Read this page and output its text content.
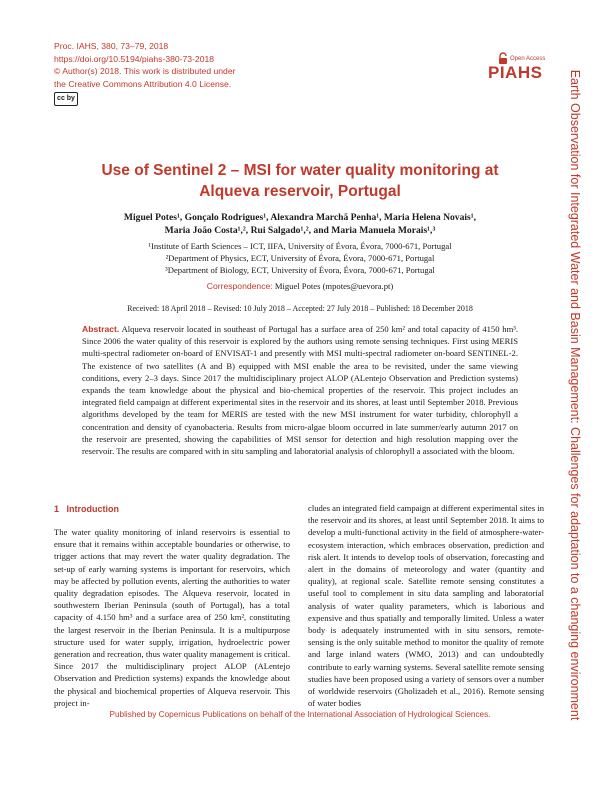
Proc. IAHS, 380, 73–79, 2018
https://doi.org/10.5194/piahs-380-73-2018
© Author(s) 2018. This work is distributed under
the Creative Commons Attribution 4.0 License.
cc by
Open Access
PIAHS
Use of Sentinel 2 – MSI for water quality monitoring at
Alqueva reservoir, Portugal
Miguel Potes¹, Gonçalo Rodrigues¹, Alexandra Marchã Penha¹, Maria Helena Novais¹,
Maria João Costa¹,², Rui Salgado¹,², and Maria Manuela Morais¹,³
¹Institute of Earth Sciences – ICT, IIFA, University of Évora, Évora, 7000-671, Portugal
²Department of Physics, ECT, University of Évora, Évora, 7000-671, Portugal
³Department of Biology, ECT, University of Évora, Évora, 7000-671, Portugal
Correspondence: Miguel Potes (mpotes@uevora.pt)
Received: 18 April 2018 – Revised: 10 July 2018 – Accepted: 27 July 2018 – Published: 18 December 2018
Abstract. Alqueva reservoir located in southeast of Portugal has a surface area of 250 km² and total capacity of 4150 hm³. Since 2006 the water quality of this reservoir is explored by the authors using remote sensing techniques. First using MERIS multi-spectral radiometer on-board of ENVISAT-1 and presently with MSI multi-spectral radiometer on-board SENTINEL-2. The existence of two satellites (A and B) equipped with MSI enable the area to be revisited, under the same viewing conditions, every 2–3 days. Since 2017 the multidisciplinary project ALOP (ALentejo Observation and Prediction systems) expands the team knowledge about the physical and bio-chemical properties of the reservoir. This project includes an integrated field campaign at different experimental sites in the reservoir and its shores, at least until September 2018. Previous algorithms developed by the team for MERIS are tested with the new MSI instrument for water turbidity, chlorophyll a concentration and density of cyanobacteria. Results from micro-algae bloom occurred in late summer/early autumn 2017 on the reservoir are presented, showing the capabilities of MSI sensor for detection and high resolution mapping over the reservoir. The results are compared with in situ sampling and laboratorial analysis of chlorophyll a associated with the bloom.
1 Introduction
The water quality monitoring of inland reservoirs is essential to ensure that it remains within acceptable boundaries or otherwise, to trigger actions that may revert the water quality degradation. The set-up of early warning systems is important for reservoirs, which may be affected by pollution events, alerting the authorities to water quality degradation episodes. The Alqueva reservoir, located in southwestern Iberian Peninsula (south of Portugal), has a total capacity of 4.150 hm³ and a surface area of 250 km², constituting the largest reservoir in the Iberian Peninsula. It is a multipurpose structure used for water supply, irrigation, hydroelectric power generation and recreation, thus water quality management is critical. Since 2017 the multidisciplinary project ALOP (ALentejo Observation and Prediction systems) expands the knowledge about the physical and biochemical properties of Alqueva reservoir. This project in-
cludes an integrated field campaign at different experimental sites in the reservoir and its shores, at least until September 2018. It aims to develop a multi-functional activity in the field of atmosphere-water-ecosystem interaction, which embraces observation, prediction and risk alert. It intends to develop tools of observation, forecasting and alert in the domains of meteorology and water (quantity and quality), at regional scale. Satellite remote sensing constitutes a useful tool to complement in situ data sampling and laboratorial analysis of water quality parameters, which is laborious and expensive and thus spatially and temporally limited. Unless a water body is adequately instrumented with in situ sensors, remote-sensing is the only suitable method to monitor the quality of remote and large inland waters (WMO, 2013) and can undoubtedly contribute to early warning systems. Several satellite remote sensing studies have been proposed using a variety of sensors over a number of worldwide reservoirs (Gholizadeh et al., 2016). Remote sensing of water bodies
Published by Copernicus Publications on behalf of the International Association of Hydrological Sciences.	Earth Observation for Integrated Water and Basin Management: Challenges for adaptation to a changing environment
